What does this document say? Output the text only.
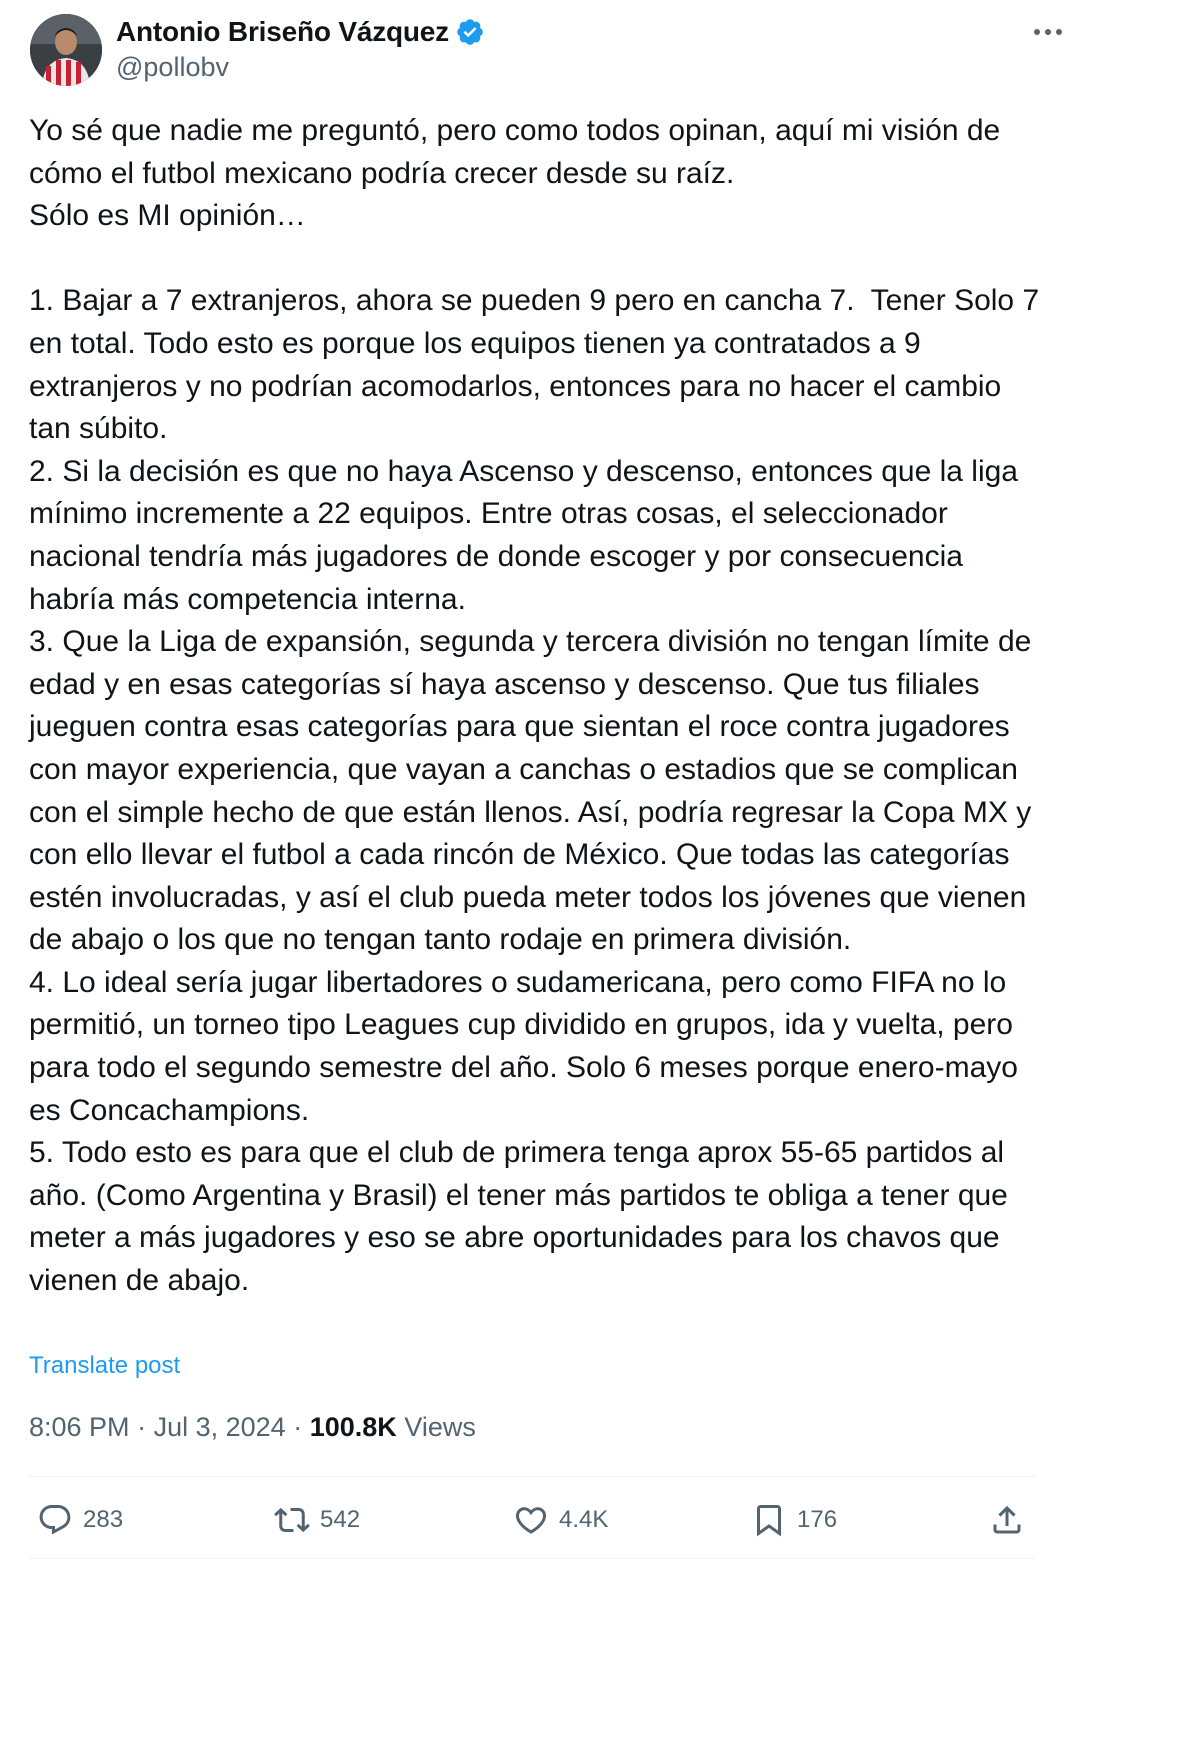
Antonio Briseño Vázquez
@pollobv
Yo sé que nadie me preguntó, pero como todos opinan, aquí mi visión de cómo el futbol mexicano podría crecer desde su raíz.
Sólo es MI opinión…

1. Bajar a 7 extranjeros, ahora se pueden 9 pero en cancha 7.  Tener Solo 7 en total. Todo esto es porque los equipos tienen ya contratados a 9 extranjeros y no podrían acomodarlos, entonces para no hacer el cambio tan súbito.
2. Si la decisión es que no haya Ascenso y descenso, entonces que la liga mínimo incremente a 22 equipos. Entre otras cosas, el seleccionador nacional tendría más jugadores de donde escoger y por consecuencia habría más competencia interna.
3. Que la Liga de expansión, segunda y tercera división no tengan límite de edad y en esas categorías sí haya ascenso y descenso. Que tus filiales jueguen contra esas categorías para que sientan el roce contra jugadores con mayor experiencia, que vayan a canchas o estadios que se complican con el simple hecho de que están llenos. Así, podría regresar la Copa MX y con ello llevar el futbol a cada rincón de México. Que todas las categorías estén involucradas, y así el club pueda meter todos los jóvenes que vienen de abajo o los que no tengan tanto rodaje en primera división.
4. Lo ideal sería jugar libertadores o sudamericana, pero como FIFA no lo permitió, un torneo tipo Leagues cup dividido en grupos, ida y vuelta, pero para todo el segundo semestre del año. Solo 6 meses porque enero-mayo es Concachampions.
5. Todo esto es para que el club de primera tenga aprox 55-65 partidos al año. (Como Argentina y Brasil) el tener más partidos te obliga a tener que meter a más jugadores y eso se abre oportunidades para los chavos que vienen de abajo.
Translate post
8:06 PM · Jul 3, 2024 · 100.8K
Views
283	542	4.4K	176
